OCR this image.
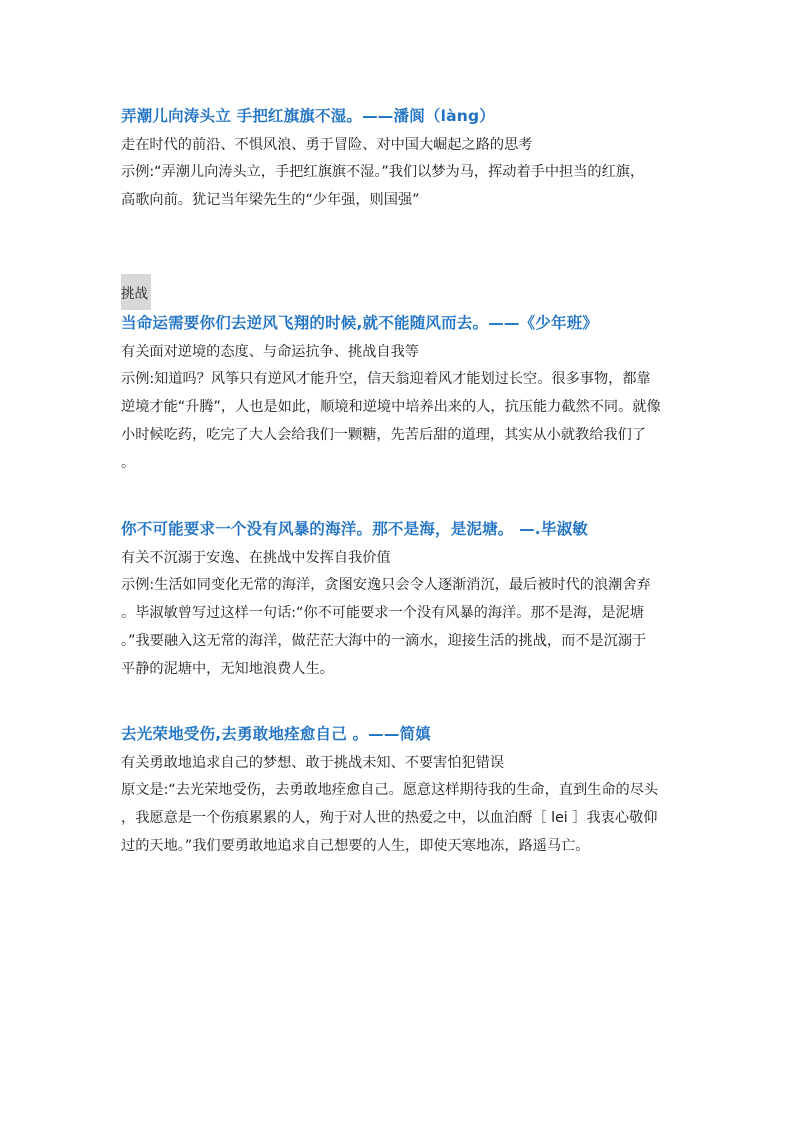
弄潮儿向涛头立 手把红旗旗不湿。——潘阆（làng）
走在时代的前沿、不惧风浪、勇于冒险、对中国大崛起之路的思考
示例:“弄潮儿向涛头立，手把红旗旗不湿。”我们以梦为马，挥动着手中担当的红旗，
高歌向前。犹记当年梁先生的“少年强，则国强”
挑战
当命运需要你们去逆风飞翔的时候,就不能随风而去。——《少年班》
有关面对逆境的态度、与命运抗争、挑战自我等
示例:知道吗？风筝只有逆风才能升空，信天翁迎着风才能划过长空。很多事物，都靠
逆境才能“升腾”，人也是如此，顺境和逆境中培养出来的人，抗压能力截然不同。就像
小时候吃药，吃完了大人会给我们一颗糖，先苦后甜的道理，其实从小就教给我们了
。
你不可能要求一个没有风暴的海洋。那不是海，是泥塘。 —.毕淑敏
有关不沉溺于安逸、在挑战中发挥自我价值
示例:生活如同变化无常的海洋，贪图安逸只会令人逐渐消沉，最后被时代的浪潮舍弃
。毕淑敏曾写过这样一句话:“你不可能要求一个没有风暴的海洋。那不是海，是泥塘
。”我要融入这无常的海洋，做茫茫大海中的一滴水，迎接生活的挑战，而不是沉溺于
平静的泥塘中，无知地浪费人生。
去光荣地受伤,去勇敢地痊愈自己 。——简嫃
有关勇敢地追求自己的梦想、敢于挑战未知、不要害怕犯错误
原文是:“去光荣地受伤，去勇敢地痊愈自己。愿意这样期待我的生命，直到生命的尽头
，我愿意是一个伤痕累累的人，殉于对人世的热爱之中，以血泊酹［ lei ］我衷心敬仰
过的天地。”我们要勇敢地追求自己想要的人生，即使天寒地冻，路遥马亡。
